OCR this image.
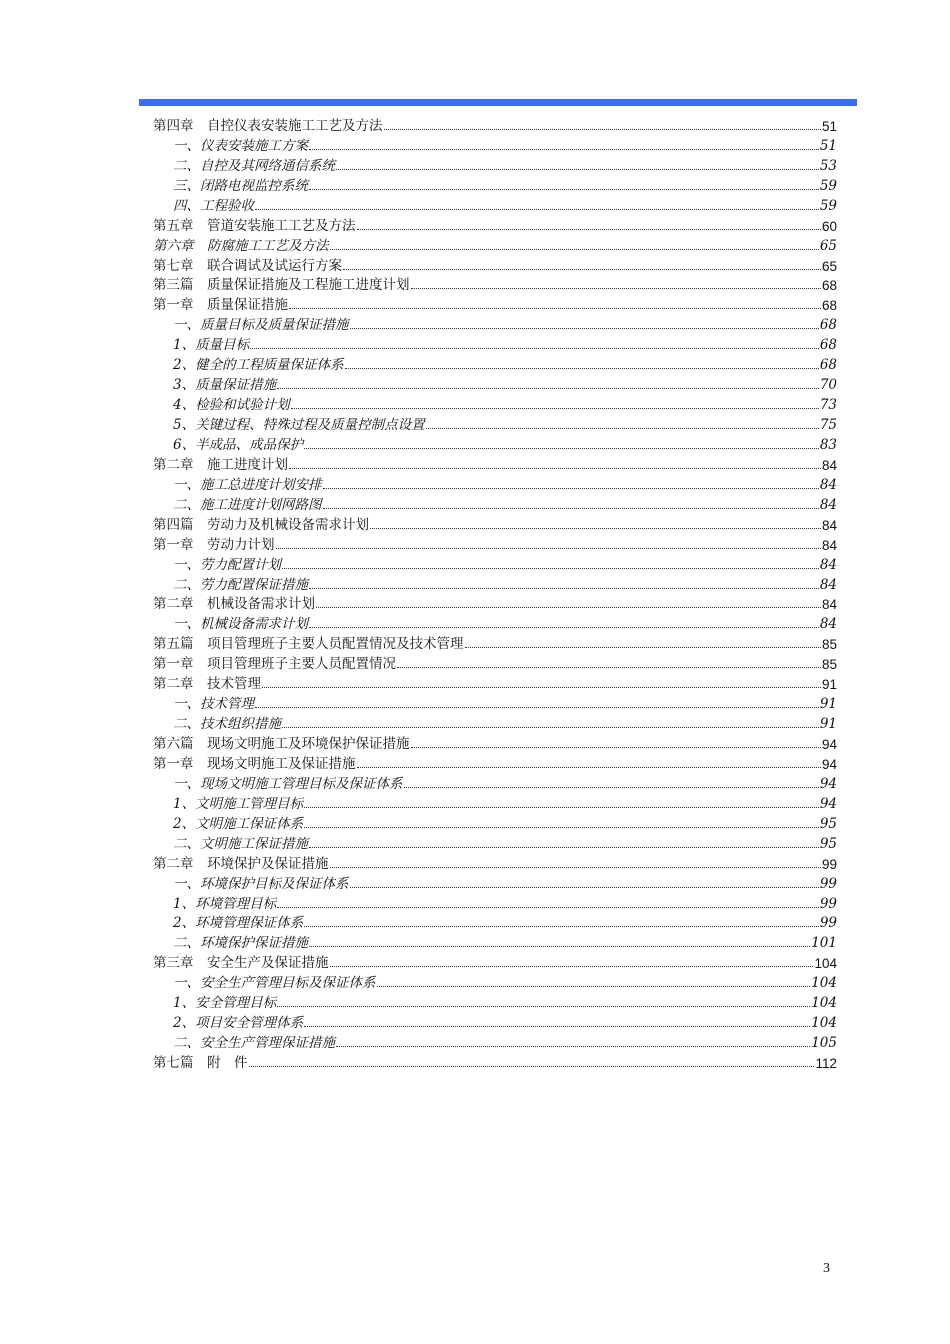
第四章　自控仪表安装施工工艺及方法	51
一、仪表安装施工方案	51
二、自控及其网络通信系统	53
三、闭路电视监控系统	59
四、工程验收	59
第五章　管道安装施工工艺及方法	60
第六章　防腐施工工艺及方法	65
第七章　联合调试及试运行方案	65
第三篇　质量保证措施及工程施工进度计划	68
第一章　质量保证措施	68
一、质量目标及质量保证措施	68
1、质量目标	68
2、健全的工程质量保证体系	68
3、质量保证措施	70
4、检验和试验计划	73
5、关键过程、特殊过程及质量控制点设置	75
6、半成品、成品保护	83
第二章　施工进度计划	84
一、施工总进度计划安排	84
二、施工进度计划网路图	84
第四篇　劳动力及机械设备需求计划	84
第一章　劳动力计划	84
一、劳力配置计划	84
二、劳力配置保证措施	84
第二章　机械设备需求计划	84
一、机械设备需求计划	84
第五篇　项目管理班子主要人员配置情况及技术管理	85
第一章　项目管理班子主要人员配置情况	85
第二章　技术管理	91
一、技术管理	91
二、技术组织措施	91
第六篇　现场文明施工及环境保护保证措施	94
第一章　现场文明施工及保证措施	94
一、现场文明施工管理目标及保证体系	94
1、文明施工管理目标	94
2、文明施工保证体系	95
二、文明施工保证措施	95
第二章　环境保护及保证措施	99
一、环境保护目标及保证体系	99
1、环境管理目标	99
2、环境管理保证体系	99
二、环境保护保证措施	101
第三章　安全生产及保证措施	104
一、安全生产管理目标及保证体系	104
1、安全管理目标	104
2、项目安全管理体系	104
二、安全生产管理保证措施	105
第七篇　附　件	112
3
